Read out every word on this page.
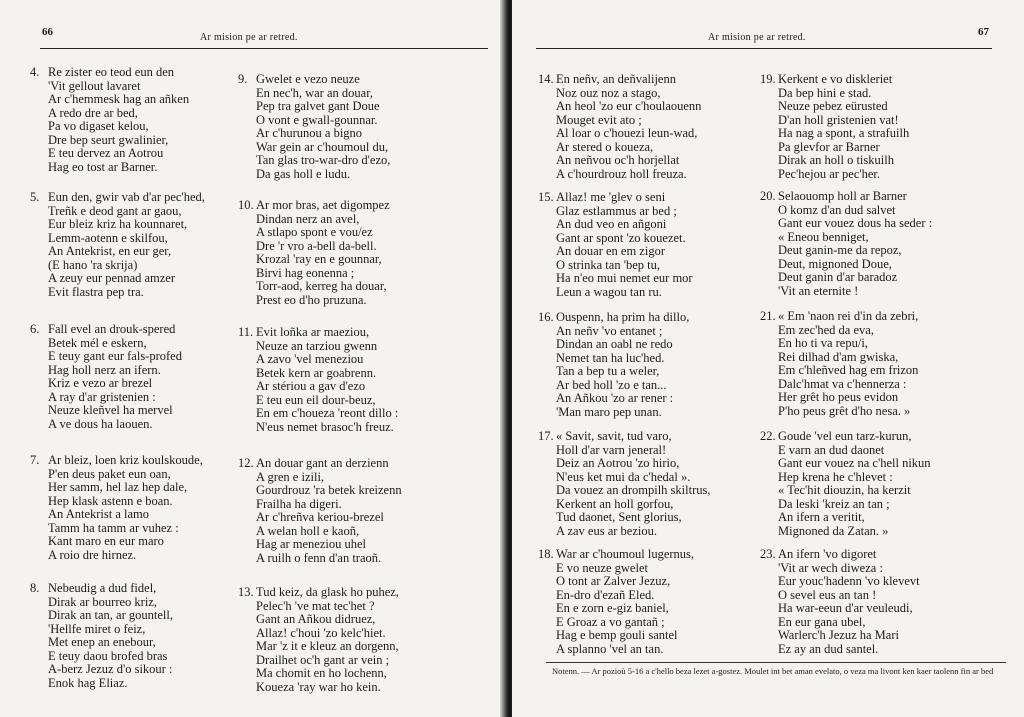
66	Ar mision pe ar retred.
4. Re zister eo teod eun den
'Vit gellout lavaret
Ar c'hemmesk hag an añken
A redo dre ar bed,
Pa vo digaset kelou,
Dre bep seurt gwalinier,
E teu dervez an Aotrou
Hag eo tost ar Barner.
5. Eun den, gwir vab d'ar pec'hed,
Treñk e deod gant ar gaou,
Eur bleiz kriz ha kounnaret,
Lemm-aotenn e skilfou,
An Antekrist, en eur ger,
(E hano 'ra skrija)
A zeuy eur pennad amzer
Evit flastra pep tra.
6. Fall evel an drouk-spered
Betek mél e eskern,
E teuy gant eur fals-profed
Hag holl nerz an ifern.
Kriz e vezo ar brezel
A ray d'ar gristenien :
Neuze kleñvel ha mervel
A ve dous ha laouen.
7. Ar bleiz, loen kriz koulskoude,
P'en deus paket eun oan,
Her samm, hel laz hep dale,
Hep klask astenn e boan.
An Antekrist a lamo
Tamm ha tamm ar vuhez :
Kant maro en eur maro
A roio dre hirnez.
8. Nebeudig a dud fidel,
Dirak ar bourreo kriz,
Dirak an tan, ar gountell,
'Hellfe miret o feiz,
Met enep an enebour,
E teuy daou brofed bras
A-berz Jezuz d'o sikour :
Enok hag Eliaz.
9. Gwelet e vezo neuze
En nec'h, war an douar,
Pep tra galvet gant Doue
O vont e gwall-gounnar.
Ar c'hurunou a bigno
War gein ar c'houmoul du,
Tan glas tro-war-dro d'ezo,
Da gas holl e ludu.
10. Ar mor bras, aet digompez
Dindan nerz an avel,
A stlapo spont e vou/ez
Dre 'r vro a-bell da-bell.
Krozal 'ray en e gounnar,
Birvi hag eonenna ;
Torr-aod, kerreg ha douar,
Prest eo d'ho pruzuna.
11. Evit loñka ar maeziou,
Neuze an tarziou gwenn
A zavo 'vel meneziou
Betek kern ar goabrenn.
Ar stériou a gav d'ezo
E teu eun eil dour-beuz,
En em c'houeza 'reont dillo :
N'eus nemet brasoc'h freuz.
12. An douar gant an derzienn
A gren e izili,
Gourdrouz 'ra betek kreizenn
Frailha ha digeri.
Ar c'hreñva keriou-brezel
A welan holl e kaoñ,
Hag ar meneziou uhel
A ruilh o fenn d'an traoñ.
13. Tud keiz, da glask ho puhez,
Pelec'h 've mat tec'het ?
Gant an Añkou didruez,
Allaz! c'houi 'zo kelc'hiet.
Mar 'z it e kleuz an dorgenn,
Drailhet oc'h gant ar vein ;
Ma chomit en ho lochenn,
Koueza 'ray war ho kein.
Ar mision pe ar retred.	67
Notenn. — Ar pozioù 5-16 a c'hello beza lezet a-gostez. Moulet int bet aman evelato, o veza ma livont ken kaer taolenn fin ar bed
14. En neñv, an deñvalijenn
Noz ouz noz a stago,
An heol 'zo eur c'houlaouenn
Mouget evit ato ;
Al loar o c'houezi leun-wad,
Ar stered o koueza,
An neñvou oc'h horjellat
A c'hourdrouz holl freuza.
15. Allaz! me 'glev o seni
Glaz estlammus ar bed ;
An dud veo en añgoni
Gant ar spont 'zo kouezet.
An douar en em zigor
O strinka tan 'bep tu,
Ha n'eo mui nemet eur mor
Leun a wagou tan ru.
16. Ouspenn, ha prim ha dillo,
An neñv 'vo entanet ;
Dindan an oabl ne redo
Nemet tan ha luc'hed.
Tan a bep tu a weler,
Ar bed holl 'zo e tan...
An Añkou 'zo ar rener :
'Man maro pep unan.
17. « Savit, savit, tud varo,
Holl d'ar varn jeneral!
Deiz an Aotrou 'zo hirio,
N'eus ket mui da c'hedal ».
Da vouez an drompilh skiltrus,
Kerkent an holl gorfou,
Tud daonet, Sent glorius,
A zav eus ar beziou.
18. War ar c'houmoul lugernus,
E vo neuze gwelet
O tont ar Zalver Jezuz,
En-dro d'ezañ Eled.
En e zorn e-giz baniel,
E Groaz a vo gantañ ;
Hag e bemp gouli santel
A splanno 'vel an tan.
19. Kerkent e vo diskleriet
Da bep hini e stad.
Neuze pebez eürusted
D'an holl gristenien vat!
Ha nag a spont, a strafuilh
Pa glevfor ar Barner
Dirak an holl o tiskuilh
Pec'hejou ar pec'her.
20. Selaouomp holl ar Barner
O komz d'an dud salvet
Gant eur vouez dous ha seder :
« Eneou benniget,
Deut ganin-me da repoz,
Deut, mignoned Doue,
Deut ganin d'ar baradoz
'Vit an eternite !
21. « Em 'naon rei d'in da zebri,
Em zec'hed da eva,
En ho ti va repu/i,
Rei dilhad d'am gwiska,
Em c'hleñved hag em frizon
Dalc'hmat va c'hennerza :
Her grêt ho peus evidon
P'ho peus grêt d'ho nesa. »
22. Goude 'vel eun tarz-kurun,
E varn an dud daonet
Gant eur vouez na c'hell nikun
Hep krena he c'hlevet :
« Tec'hit diouzin, ha kerzit
Da leski 'kreiz an tan ;
An ifern a veritit,
Mignoned da Zatan. »
23. An ifern 'vo digoret
'Vit ar wech diweza :
Eur youc'hadenn 'vo klevevt
O sevel eus an tan !
Ha war-eeun d'ar veuleudi,
En eur gana ubel,
Warlerc'h Jezuz ha Mari
Ez ay an dud santel.
